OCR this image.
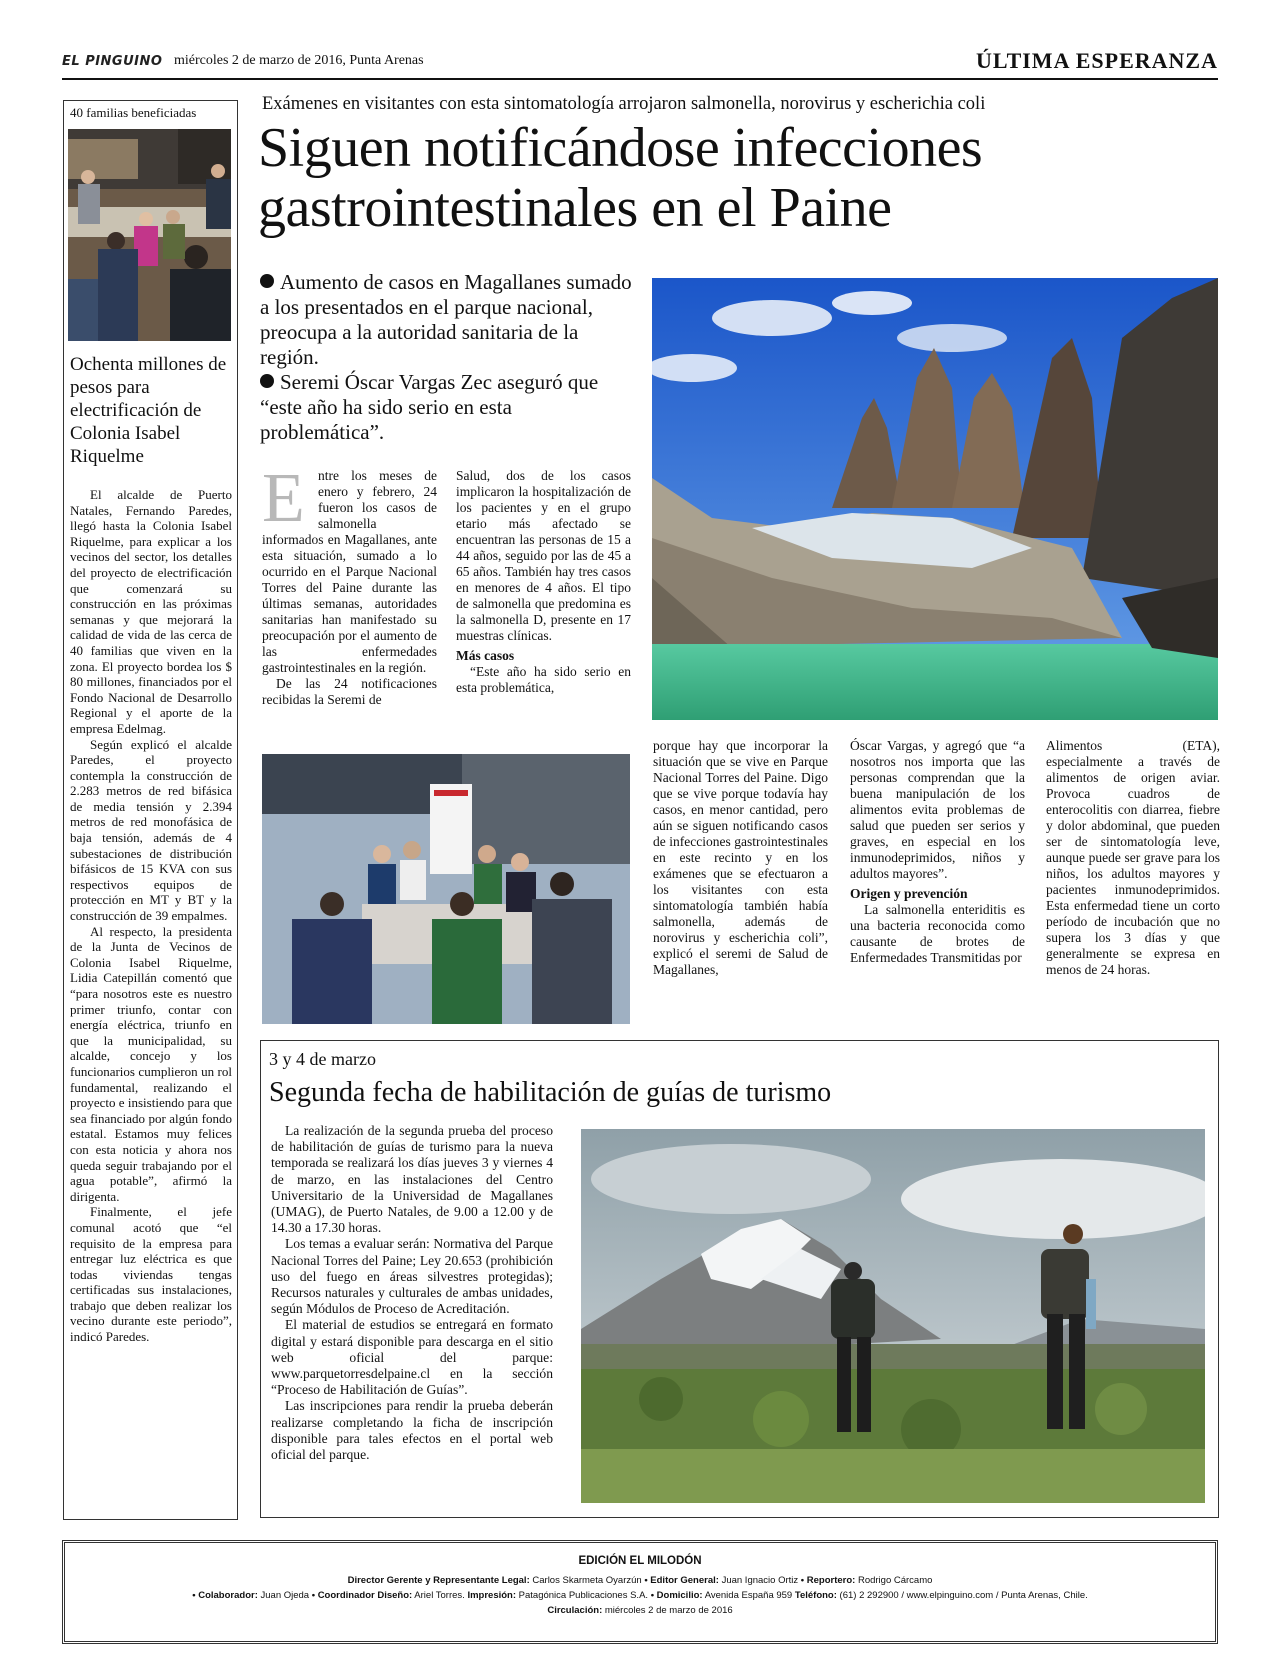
EL PINGUINO miércoles 2 de marzo de 2016, Punta Arenas	ÚLTIMA ESPERANZA
40 familias beneficiadas
Ochenta millones de pesos para electrificación de Colonia Isabel Riquelme

El alcalde de Puerto Natales, Fernando Paredes, llegó hasta la Colonia Isabel Riquelme, para explicar a los vecinos del sector, los detalles del proyecto de electrificación que comenzará su construcción en las próximas semanas y que mejorará la calidad de vida de las cerca de 40 familias que viven en la zona. El proyecto bordea los $ 80 millones, financiados por el Fondo Nacional de Desarrollo Regional y el aporte de la empresa Edelmag.

Según explicó el alcalde Paredes, el proyecto contempla la construcción de 2.283 metros de red bifásica de media tensión y 2.394 metros de red monofásica de baja tensión, además de 4 subestaciones de distribución bifásicos de 15 KVA con sus respectivos equipos de protección en MT y BT y la construcción de 39 empalmes.

Al respecto, la presidenta de la Junta de Vecinos de Colonia Isabel Riquelme, Lidia Catepillán comentó que “para nosotros este es nuestro primer triunfo, contar con energía eléctrica, triunfo en que la municipalidad, su alcalde, concejo y los funcionarios cumplieron un rol fundamental, realizando el proyecto e insistiendo para que sea financiado por algún fondo estatal. Estamos muy felices con esta noticia y ahora nos queda seguir trabajando por el agua potable”, afirmó la dirigenta.

Finalmente, el jefe comunal acotó que “el requisito de la empresa para entregar luz eléctrica es que todas viviendas tengas certificadas sus instalaciones, trabajo que deben realizar los vecino durante este periodo”, indicó Paredes.

Exámenes en visitantes con esta sintomatología arrojaron salmonella, norovirus y escherichia coli
Siguen notificándose infecciones
gastrointestinales en el Paine

Aumento de casos en Magallanes sumado a los presentados en el parque nacional, preocupa a la autoridad sanitaria de la región.

Seremi Óscar Vargas Zec aseguró que “este año ha sido serio en esta problemática”.

E ntre los meses de enero y febrero, 24 fueron los casos de salmonella informados en Magallanes, ante esta situación, sumado a lo ocurrido en el Parque Nacional Torres del Paine durante las últimas semanas, autoridades sanitarias han manifestado su preocupación por el aumento de las enfermedades gastrointestinales en la región.

De las 24 notificaciones recibidas la Seremi de

Salud, dos de los casos implicaron la hospitalización de los pacientes y en el grupo etario más afectado se encuentran las personas de 15 a 44 años, seguido por las de 45 a 65 años. También hay tres casos en menores de 4 años. El tipo de salmonella que predomina es la salmonella D, presente en 17 muestras clínicas.

Más casos

“Este año ha sido serio en esta problemática,

porque hay que incorporar la situación que se vive en Parque Nacional Torres del Paine. Digo que se vive porque todavía hay casos, en menor cantidad, pero aún se siguen notificando casos de infecciones gastrointestinales en este recinto y en los exámenes que se efectuaron a los visitantes con esta sintomatología también había salmonella, además de norovirus y escherichia coli”, explicó el seremi de Salud de Magallanes,

Óscar Vargas, y agregó que “a nosotros nos importa que las personas comprendan que la buena manipulación de los alimentos evita problemas de salud que pueden ser serios y graves, en especial en los inmunodeprimidos, niños y adultos mayores”.

Origen y prevención

La salmonella enteriditis es una bacteria reconocida como causante de brotes de Enfermedades Transmitidas por

Alimentos (ETA), especialmente a través de alimentos de origen aviar. Provoca cuadros de enterocolitis con diarrea, fiebre y dolor abdominal, que pueden ser de sintomatología leve, aunque puede ser grave para los niños, los adultos mayores y pacientes inmunodeprimidos. Esta enfermedad tiene un corto período de incubación que no supera los 3 días y que generalmente se expresa en menos de 24 horas.

3 y 4 de marzo
Segunda fecha de habilitación de guías de turismo

La realización de la segunda prueba del proceso de habilitación de guías de turismo para la nueva temporada se realizará los días jueves 3 y viernes 4 de marzo, en las instalaciones del Centro Universitario de la Universidad de Magallanes (UMAG), de Puerto Natales, de 9.00 a 12.00 y de 14.30 a 17.30 horas.

Los temas a evaluar serán: Normativa del Parque Nacional Torres del Paine; Ley 20.653 (prohibición uso del fuego en áreas silvestres protegidas); Recursos naturales y culturales de ambas unidades, según Módulos de Proceso de Acreditación.

El material de estudios se entregará en formato digital y estará disponible para descarga en el sitio web oficial del parque: www.parquetorresdelpaine.cl en la sección “Proceso de Habilitación de Guías”.

Las inscripciones para rendir la prueba deberán realizarse completando la ficha de inscripción disponible para tales efectos en el portal web oficial del parque.

EDICIÓN EL MILODÓN
Director Gerente y Representante Legal: Carlos Skarmeta Oyarzún • Editor General: Juan Ignacio Ortiz • Reportero: Rodrigo Cárcamo
• Colaborador: Juan Ojeda • Coordinador Diseño: Ariel Torres. Impresión: Patagónica Publicaciones S.A. • Domicilio: Avenida España 959 Teléfono: (61) 2 292900 / www.elpinguino.com / Punta Arenas, Chile.
Circulación: miércoles 2 de marzo de 2016
